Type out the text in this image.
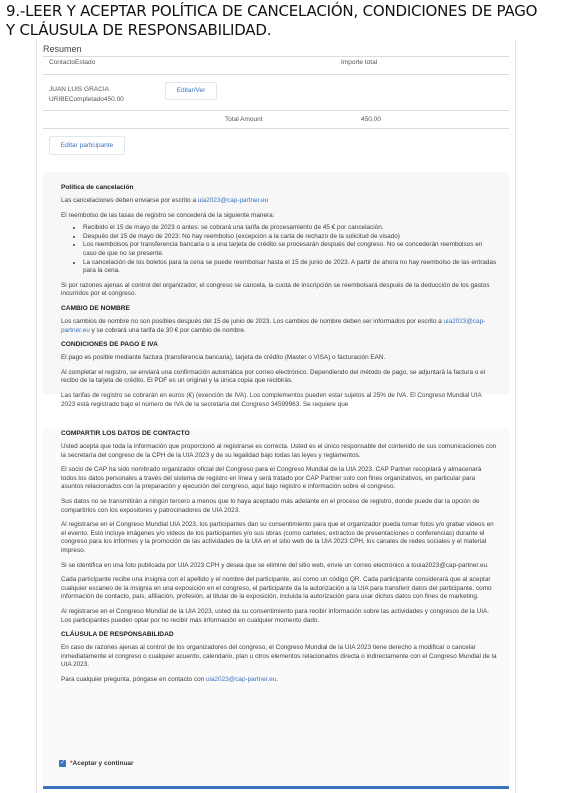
9.-LEER Y ACEPTAR POLÍTICA DE CANCELACIÓN, CONDICIONES DE PAGO
Y CLÁUSULA DE RESPONSABILIDAD.
Resumen
ContactoEstado	Importe total
JUAN LUIS GRACIA
URIBECompletado450.00
Editar/Ver
Total Amount	450,00
Editar participante

Política de cancelación

Las cancelaciones deben enviarse por escrito a uia2023@cap-partner.eu

El reembolso de las tasas de registro se concederá de la siguiente manera:

• Recibido el 15 de mayo de 2023 o antes: se cobrará una tarifa de procesamiento de 45 € por cancelación.
• Después del 15 de mayo de 2023: No hay reembolso (excepción a la carta de rechazo de la solicitud de visado)
• Los reembolsos por transferencia bancaria o a una tarjeta de crédito se procesarán después del congreso. No se concederán reembolsos en caso de que no se presente.
• La cancelación de los boletos para la cena se puede reembolsar hasta el 15 de junio de 2023. A partir de ahora no hay reembolso de las entradas para la cena.

Si por razones ajenas al control del organizador, el congreso se cancela, la cuota de inscripción se reembolsará después de la deducción de los gastos incurridos por el congreso.

CAMBIO DE NOMBRE

Los cambios de nombre no son posibles después del 15 de junio de 2023. Los cambios de nombre deben ser informados por escrito a uia2023@cap-partner.eu y se cobrará una tarifa de 30 € por cambio de nombre.

CONDICIONES DE PAGO E IVA

El pago es posible mediante factura (transferencia bancaria), tarjeta de crédito (Master o VISA) o facturación EAN.

Al completar el registro, se enviará una confirmación automática por correo electrónico. Dependiendo del método de pago, se adjuntará la factura o el recibo de la tarjeta de crédito. El PDF es un original y la única copia que recibirás.

Las tarifas de registro se cobrarán en euros (€) (exención de IVA). Los complementos pueden estar sujetos al 25% de IVA. El Congreso Mundial UIA 2023 está registrado bajo el número de IVA de la secretaría del Congreso 34599963. Se requiere que

COMPARTIR LOS DATOS DE CONTACTO

Usted acepta que toda la información que proporcionó al registrarse es correcta. Usted es el único responsable del contenido de sus comunicaciones con la secretaría del congreso de la CPH de la UIA 2023 y de su legalidad bajo todas las leyes y reglamentos.

El socio de CAP ha sido nombrado organizador oficial del Congreso para el Congreso Mundial de la UIA 2023. CAP Partner recopilará y almacenará todos los datos personales a través del sistema de registro en línea y será tratado por CAP Partner solo con fines organizativos, en particular para asuntos relacionados con la preparación y ejecución del congreso, aquí bajo registro e información sobre el congreso.

Sus datos no se transmitirán a ningún tercero a menos que lo haya aceptado más adelante en el proceso de registro, donde puede dar la opción de compartirlos con los expositores y patrocinadores de UIA 2023.

Al registrarse en el Congreso Mundial UIA 2023, los participantes dan su consentimiento para que el organizador pueda tomar fotos y/o grabar videos en el evento. Esto incluye imágenes y/o videos de los participantes y/o sus obras (como carteles, extractos de presentaciones o conferencias) durante el congreso para los informes y la promoción de las actividades de la UIA en el sitio web de la UIA 2023 CPH, los canales de redes sociales y el material impreso.

Si se identifica en una foto publicada por UIA 2023 CPH y desea que se elimine del sitio web, envíe un correo electrónico a touia2023@cap-partner.eu.

Cada participante recibe una insignia con el apellido y el nombre del participante, así como un código QR. Cada participante considerará que al aceptar cualquier escaneo de la insignia en una exposición en el congreso, el participante da la autorización a la UIA para transferir datos del participante, como información de contacto, país, afiliación, profesión, al titular de la exposición, incluida la autorización para usar dichos datos con fines de marketing.

Al registrarse en el Congreso Mundial de la UIA 2023, usted da su consentimiento para recibir información sobre las actividades y congresos de la UIA. Los participantes pueden optar por no recibir más información en cualquier momento dado.

CLÁUSULA DE RESPONSABILIDAD

En caso de razones ajenas al control de los organizadores del congreso, el Congreso Mundial de la UIA 2023 tiene derecho a modificar o cancelar inmediatamente el congreso o cualquier acuerdo, calendario, plan u otros elementos relacionados directa o indirectamente con el Congreso Mundial de la UIA 2023.

Para cualquier pregunta, póngase en contacto con uia2023@cap-partner.eu.

✓ *Aceptar y continuar
